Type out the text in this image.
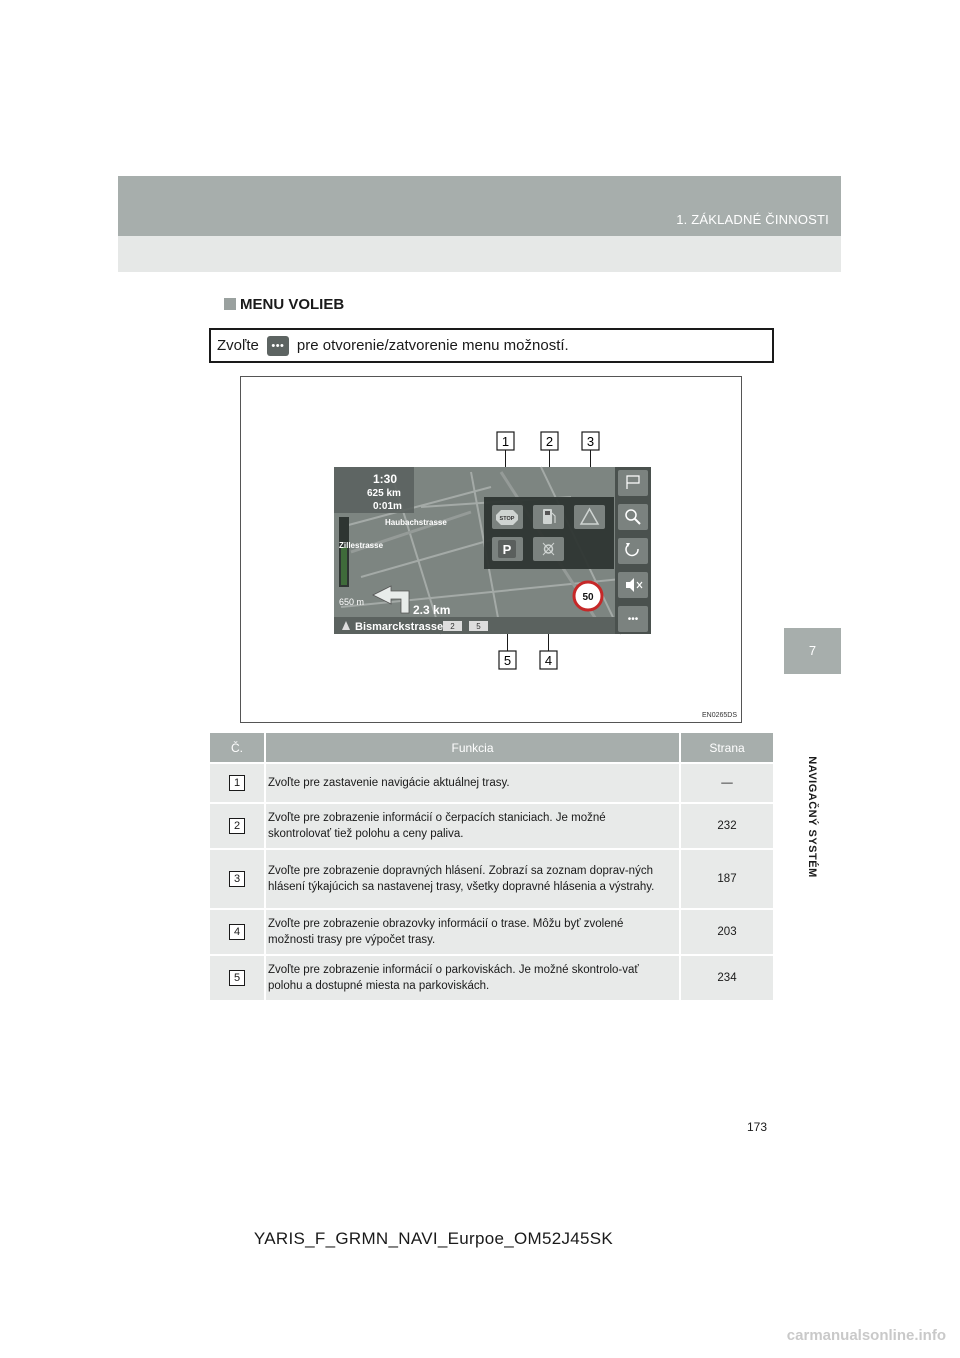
1. ZÁKLADNÉ ČINNOSTI
7
NAVIGAČNÝ SYSTÉM
MENU VOLIEB
Zvoľte	••• pre otvorenie/zatvorenie menu možností.
1	2	3
5	4
1:30
625 km
0:01m
Haubachstrasse
Zillestrasse
650 m
2.3 km
Bismarckstrasse 2	5
50
STOP
P
•••
EN0265DS
Č.	Funkcia	Strana
1	Zvoľte pre zastavenie navigácie aktuálnej trasy.	—
2	Zvoľte pre zobrazenie informácií o čerpacích staniciach. Je možné skontrolovať tiež polohu a ceny paliva.	232
3	Zvoľte pre zobrazenie dopravných hlásení. Zobrazí sa zoznam doprav-ných hlásení týkajúcich sa nastavenej trasy, všetky dopravné hlásenia a výstrahy.	187
4	Zvoľte pre zobrazenie obrazovky informácií o trase. Môžu byť zvolené možnosti trasy pre výpočet trasy.	203
5	Zvoľte pre zobrazenie informácií o parkoviskách. Je možné skontrolo-vať polohu a dostupné miesta na parkoviskách.	234
173
YARIS_F_GRMN_NAVI_Eurpoe_OM52J45SK
carmanualsonline.info
